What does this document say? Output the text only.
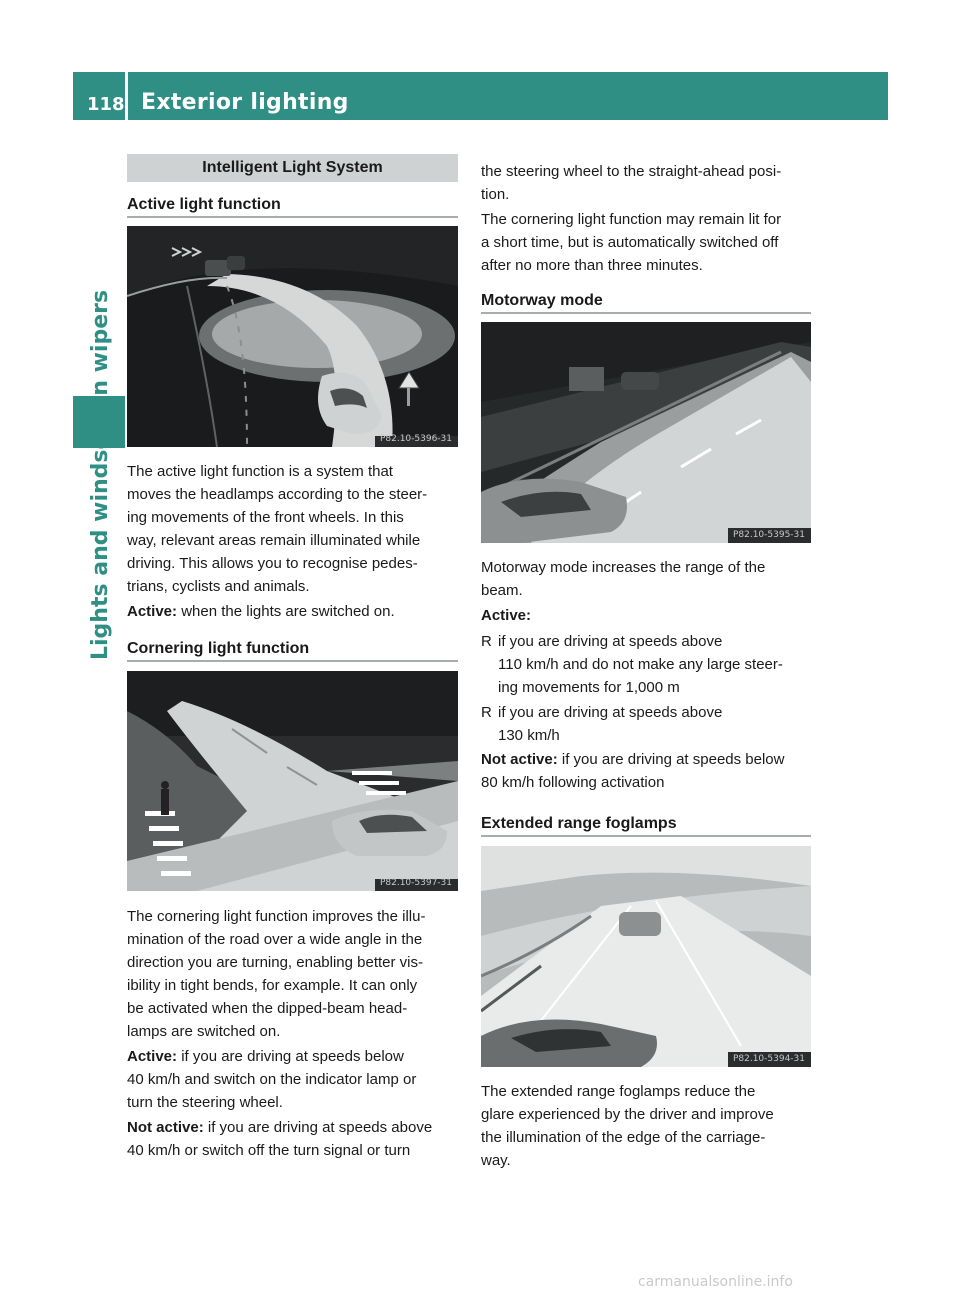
118 Exterior lighting
Lights and windscreen wipers
Intelligent Light System
Active light function
P82.10-5396-31

The active light function is a system that

moves the headlamps according to the steer-

ing movements of the front wheels. In this

way, relevant areas remain illuminated while

driving. This allows you to recognise pedes-

trians, cyclists and animals.

Active: when the lights are switched on.

Cornering light function
P82.10-5397-31

The cornering light function improves the illu-

mination of the road over a wide angle in the

direction you are turning, enabling better vis-

ibility in tight bends, for example. It can only

be activated when the dipped-beam head-

lamps are switched on.

Active: if you are driving at speeds below

40 km/h and switch on the indicator lamp or

turn the steering wheel.

Not active: if you are driving at speeds above

40 km/h or switch off the turn signal or turn

the steering wheel to the straight-ahead posi-

tion.

The cornering light function may remain lit for

a short time, but is automatically switched off

after no more than three minutes.

Motorway mode
P82.10-5395-31

Motorway mode increases the range of the

beam.

Active:

R if you are driving at speeds above
110 km/h and do not make any large steer-
ing movements for 1,000 m
R if you are driving at speeds above
130 km/h

Not active: if you are driving at speeds below

80 km/h following activation

Extended range foglamps
P82.10-5394-31

The extended range foglamps reduce the

glare experienced by the driver and improve

the illumination of the edge of the carriage-

way.

carmanualsonline.info
